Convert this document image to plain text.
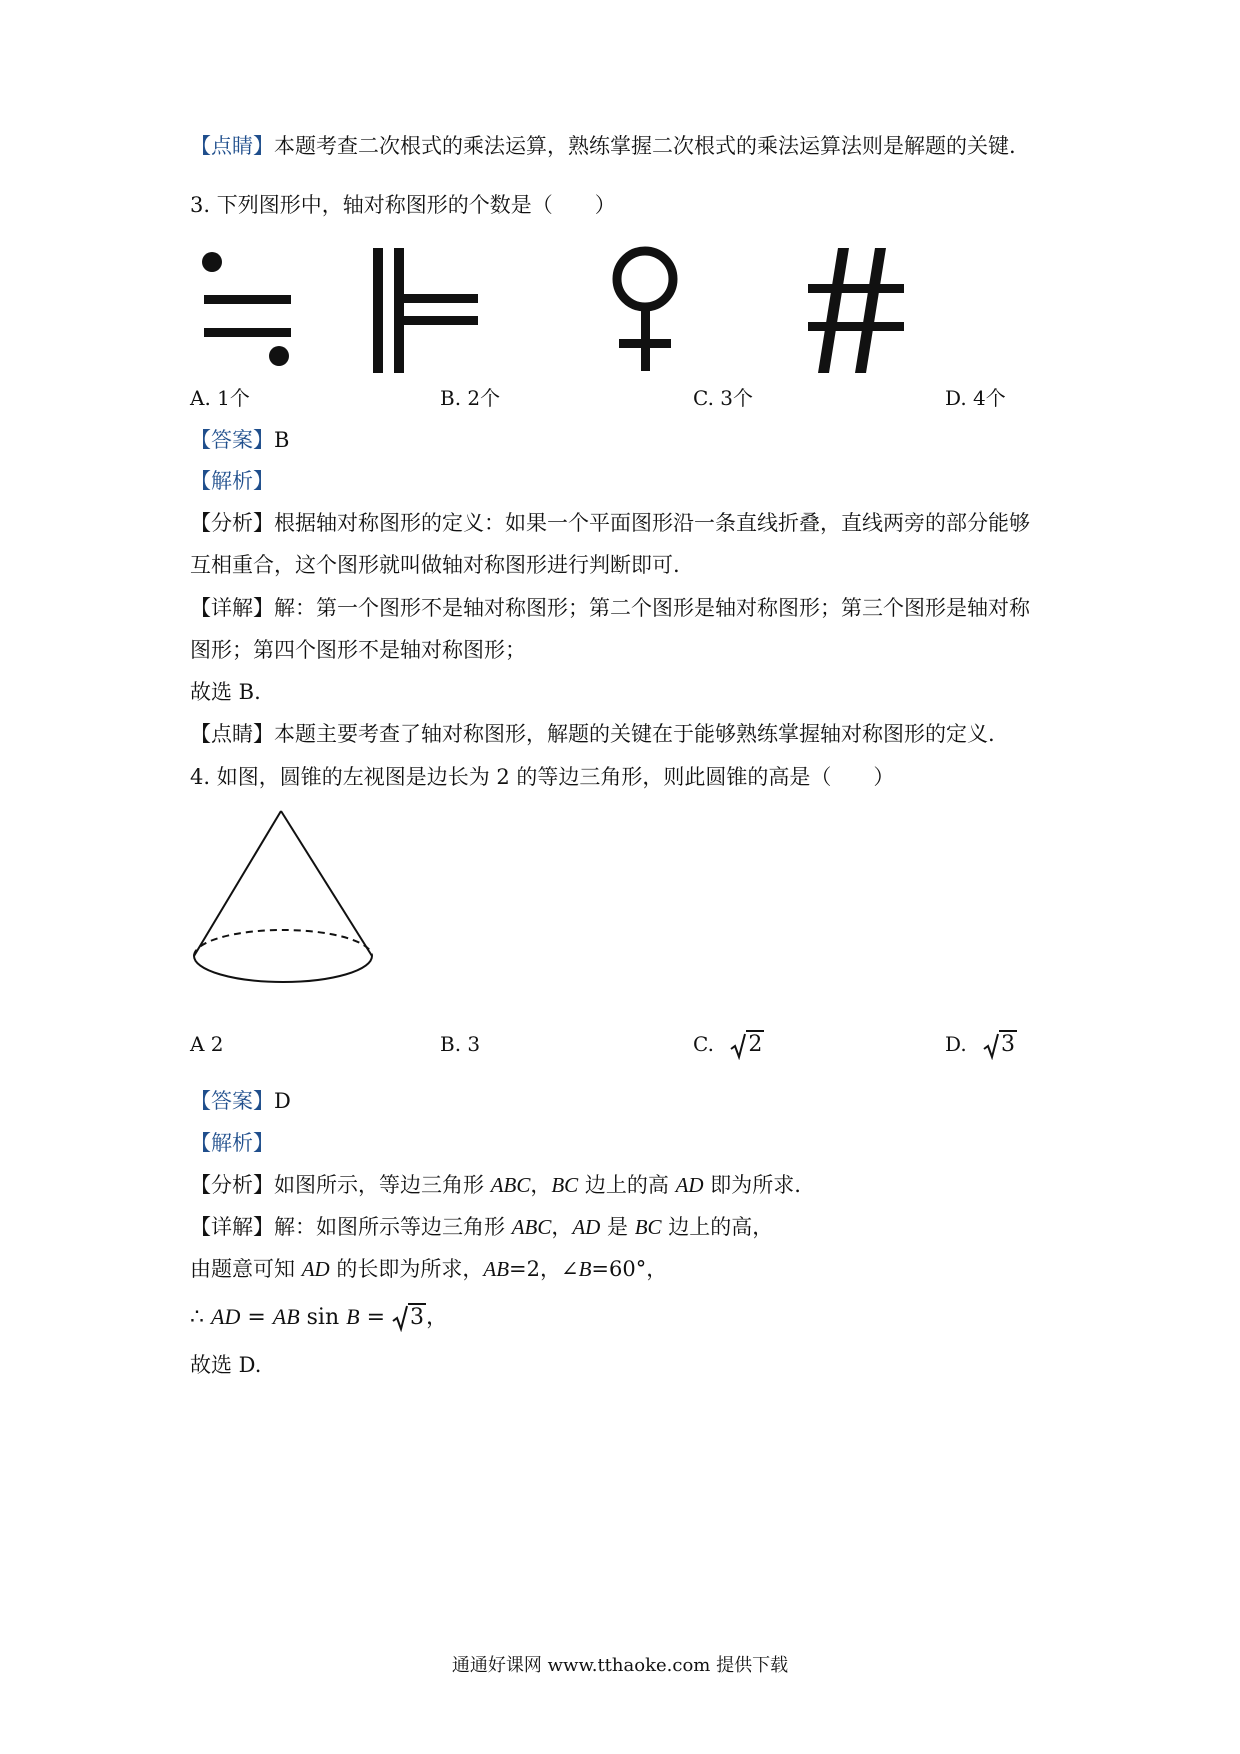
【点睛】本题考查二次根式的乘法运算，熟练掌握二次根式的乘法运算法则是解题的关键.
3. 下列图形中，轴对称图形的个数是（　　）
A. 1个	B. 2个	C. 3个	D. 4个
【答案】B
【解析】
【分析】根据轴对称图形的定义：如果一个平面图形沿一条直线折叠，直线两旁的部分能够
互相重合，这个图形就叫做轴对称图形进行判断即可.
【详解】解：第一个图形不是轴对称图形；第二个图形是轴对称图形；第三个图形是轴对称
图形；第四个图形不是轴对称图形；
故选 B.
【点睛】本题主要考查了轴对称图形，解题的关键在于能够熟练掌握轴对称图形的定义.
4. 如图，圆锥的左视图是边长为 2 的等边三角形，则此圆锥的高是（　　）
A 2	B. 3	C. 2	D. 3
【答案】D
【解析】
【分析】如图所示，等边三角形 ABC，BC 边上的高 AD 即为所求.
【详解】解：如图所示等边三角形 ABC，AD 是 BC 边上的高，
由题意可知 AD 的长即为所求，AB=2，∠B=60°，
∴ AD = AB sin B = 3，
故选 D.
通通好课网 www.tthaoke.com 提供下载
